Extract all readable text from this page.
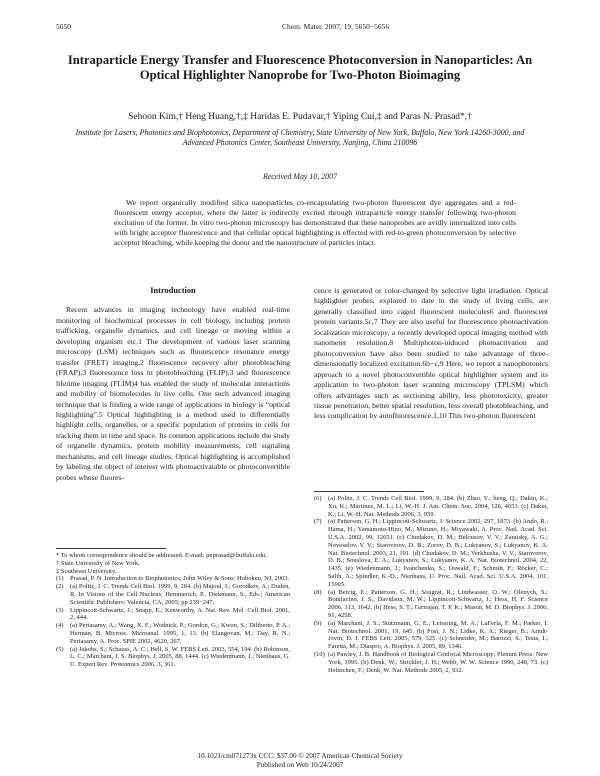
5650	Chem. Mater. 2007, 19, 5650−5656
Intraparticle Energy Transfer and Fluorescence Photoconversion in Nanoparticles: An Optical Highlighter Nanoprobe for Two-Photon Bioimaging
Sehoon Kim,† Heng Huang,†,‡ Haridas E. Pudavar,† Yiping Cui,‡ and Paras N. Prasad*,†
Institute for Lasers, Photonics and Biophotonics, Department of Chemistry, State University of New York, Buffalo, New York 14260-3000, and Advanced Photonics Center, Southeast University, Nanjing, China 210096
Received May 10, 2007

We report organically modified silica nanoparticles co-encapsulating two-photon fluorescent dye aggregates and a red-fluorescent energy acceptor, where the latter is indirectly excited through intraparticle energy transfer following two-photon excitation of the former. In vitro two-photon microscopy has demonstrated that these nanoprobes are avidly internalized into cells with bright acceptor fluorescence and that cellular optical highlighting is effected with red-to-green photoconversion by selective acceptor bleaching, while keeping the donor and the nanostructure of particles intact.

Introduction

Recent advances in imaging technology have enabled real-time monitoring of biochemical processes in cell biology, including protein trafficking, organelle dynamics, and cell lineage or moving within a developing organism etc.1 The development of various laser scanning microscopy (LSM) techniques such as fluorescence resonance energy transfer (FRET) imaging,2 fluorescence recovery after photobleaching (FRAP),3 fluorescence loss in photobleaching (FLIP),3 and fluorescence lifetime imaging (FLIM)4 has enabled the study of molecular interactions and mobility of biomolecules in live cells. One such advanced imaging technique that is finding a wide range of applications in biology is “optical highlighting”.5 Optical highlighting is a method used to differentially highlight cells, organelles, or a specific population of proteins in cells for tracking them in time and space. Its common applications include the study of organelle dynamics, protein mobility measurements, cell signaling mechanisms, and cell lineage studies. Optical highlighting is accomplished by labeling the object of interest with photoactivatable or photoconvertible probes whose fluores-

cence is generated or color-changed by selective light irradiation. Optical highlighter probes, explored to date in the study of living cells, are generally classified into caged fluorescent molecules6 and fluorescent protein variants.5c,7 They are also useful for fluorescence photoactivation localization microscopy, a recently developed optical imaging method with nanometer resolution.8 Multiphoton-induced photoactivation and photoconversion have also been studied to take advantage of three-dimensionally localized excitation.6b−c,9 Here, we report a nanophotonics approach to a novel photoconvertible optical highlighter system and its application to two-photon laser scanning microscopy (TPLSM) which offers advantages such as sectioning ability, less phototoxicity, greater tissue penetration, better spatial resolution, less overall photobleaching, and less complication by autofluorescence.1,10 This two-photon fluorescent

* To whom correspondence should be addressed. E-mail: pnprasad@buffalo.edu.

† State University of New York.

‡ Southeast University.

(1) Prasad, P. N. Introduction to Biophotonics; John Wiley & Sons: Hoboken, NJ, 2003.

(2) (a) Politz, J. C. Trends Cell Biol. 1999, 9, 284. (b) Majoul, I.; Gorodkov, A.; Duden, R. In Visions of the Cell Nucleus; Hemmerich, P., Diekmann, S., Eds.; American Scientific Publishers: Valencia, CA, 2005; pp 239−247.

(3) Lippincott-Schwartz, J.; Snapp, E.; Kenworthy, A. Nat. Rev. Mol. Cell Biol. 2001, 2, 444.

(4) (a) Periasamy, A.; Wang, X. F.; Wodnick, P.; Gordon, G.; Kwon, S.; Diliberto, P. A.; Herman, B. Microsc. Microanal. 1995, 1, 13. (b) Elangovan, M.; Day, R. N.; Periasamy, A. Proc. SPIE 2002, 4620, 267.

(5) (a) Jakobs, S.; Schauss, A. C.; Hell, S. W. FEBS Lett. 2003, 554, 194. (b) Robinson, L. C.; Marchant, J. S. Biophys. J. 2005, 88, 1444. (c) Wiedenmann, J.; Nienhaus, G. U. Expert Rev. Proteomics 2006, 3, 361.

(6) (a) Politz, J. C. Trends Cell Biol. 1999, 9, 284. (b) Zhao, Y.; heng, Q.; Dakin, K.; Xu, K.; Martinez, M. L.; Li, W.-H. J. Am. Chem. Soc. 2004, 126, 4653. (c) Dakin, K.; Li, W.-H. Nat. Methods 2006, 3, 959.

(7) (a) Patterson, G. H.; Lippincott-Schwartz, J. Science 2002, 297, 1873. (b) Ando, R.; Hama, H.; Yamamoto-Hino, M.; Mizuno, H.; Miyawaki, A. Proc. Natl. Acad. Sci. U.S.A. 2002, 99, 12651. (c) Chudakov, D. M.; Belousov, V. V.; Zaraisky, A. G.; Novoselov, V. V.; Staroverov, D. B.; Zorov, D. B.; Lukyanov, S.; Lukyanov, K. A. Nat. Biotechnol. 2003, 21, 191. (d) Chudakov, D. M.; Verkhusha, V. V.; Staroverov, D. B.; Souslova, E. A.; Lukyanov, S.; Lukyanov, K. A. Nat. Biotechnol. 2004, 22, 1435. (e) Wiedenmann, J.; Ivanchenko, S.; Oswald, F.; Schmitt, F.; Röcker, C.; Salih, A.; Spindler, K.-D.; Nienhaus, U. Proc. Natl. Acad. Sci. U.S.A. 2004, 101, 15905.

(8) (a) Betzig, E.; Patterson, G. H.; Sougrat, R.; Lindwasser, O. W.; Olenych, S.; Bonifacino, J. S.; Davidson, M. W.; Lippincott-Schwartz, J.; Hess, H. F. Science 2006, 313, 1642. (b) Hess, S. T.; Girirajan, T. P. K.; Mason, M. D. Biophys. J. 2006, 91, 4258.

(9) (a) Marchant, J. S.; Stutzmann, G. E.; Leissring, M. A.; LaFerla, F. M.; Parker, I. Nat. Biotechnol. 2001, 19, 645. (b) Post, J. N.; Lidke, K. A.; Rieger, B.; Arndt-Jovin, D. J. FEBS Lett. 2005, 579, 325. (c) Schneider, M.; Barozzi, S.; Testa, I.; Faretta, M.; Diaspro, A. Biophys. J. 2005, 89, 1346.

(10) (a) Pawley, J. B. Handbook of Biological Confocal Microscopy; Plenum Press: New York, 1995. (b) Denk, W.; Strickler, J. H.; Webb, W. W. Science 1990, 248, 73. (c) Helmchen, F.; Denk, W. Nat. Methods 2005, 2, 932.

10.1021/cm071273x CCC: $37.00 © 2007 American Chemical Society
Published on Web 10/24/2007
